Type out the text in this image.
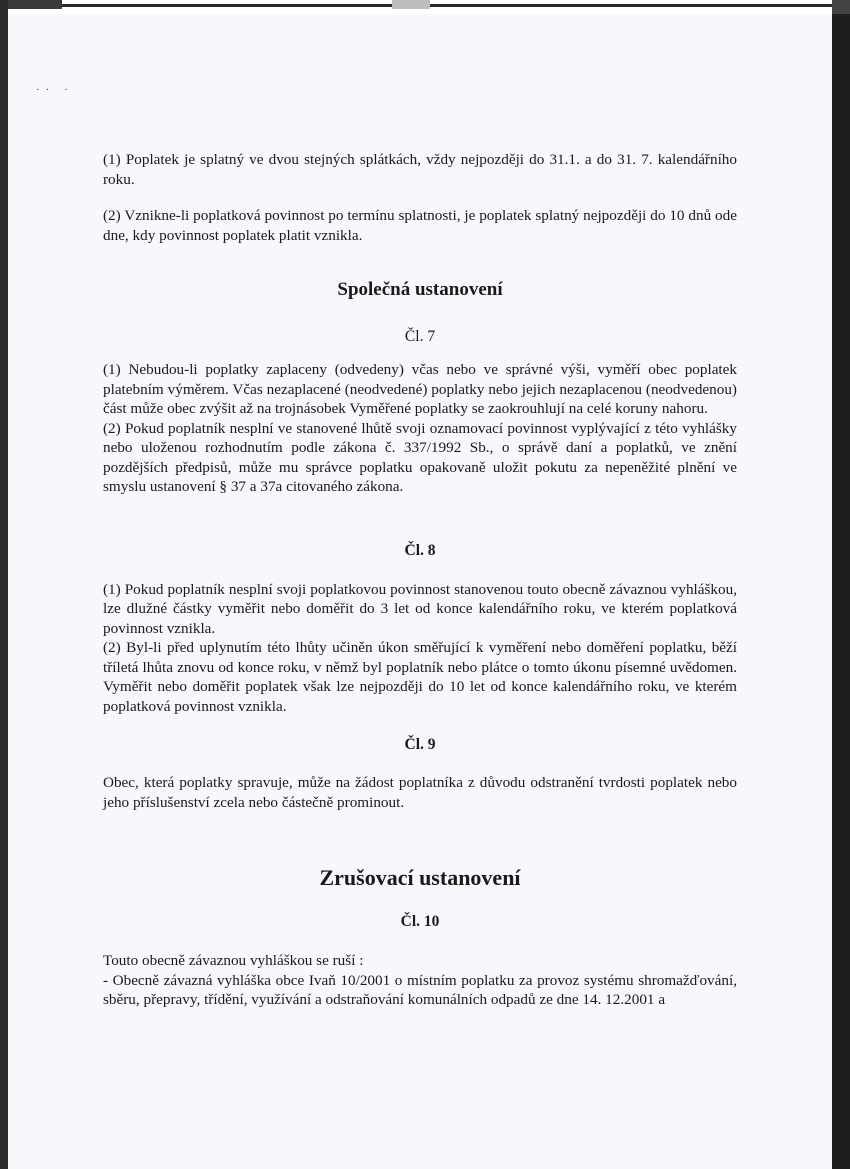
·· ·

(1) Poplatek je splatný ve dvou stejných splátkách, vždy nejpozději do 31.1. a do 31. 7. kalendářního roku.

(2) Vznikne-li poplatková povinnost po termínu splatnosti, je poplatek splatný nejpozději do 10 dnů ode dne, kdy povinnost poplatek platit vznikla.

Společná ustanovení
Čl. 7

(1) Nebudou-li poplatky zaplaceny (odvedeny) včas nebo ve správné výši, vyměří obec poplatek platebním výměrem. Včas nezaplacené (neodvedené) poplatky nebo jejich nezaplacenou (neodvedenou) část může obec zvýšit až na trojnásobek Vyměřené poplatky se zaokrouhlují na celé koruny nahoru.

(2) Pokud poplatník nesplní ve stanovené lhůtě svoji oznamovací povinnost vyplývající z této vyhlášky nebo uloženou rozhodnutím podle zákona č. 337/1992 Sb., o správě daní a poplatků, ve znění pozdějších předpisů, může mu správce poplatku opakovaně uložit pokutu za nepeněžité plnění ve smyslu ustanovení § 37 a 37a citovaného zákona.

Čl. 8

(1) Pokud poplatník nesplní svoji poplatkovou povinnost stanovenou touto obecně závaznou vyhláškou, lze dlužné částky vyměřit nebo doměřit do 3 let od konce kalendářního roku, ve kterém poplatková povinnost vznikla.

(2) Byl-li před uplynutím této lhůty učiněn úkon směřující k vyměření nebo doměření poplatku, běží tříletá lhůta znovu od konce roku, v němž byl poplatník nebo plátce o tomto úkonu písemné uvědomen. Vyměřit nebo doměřit poplatek však lze nejpozději do 10 let od konce kalendářního roku, ve kterém poplatková povinnost vznikla.

Čl. 9

Obec, která poplatky spravuje, může na žádost poplatníka z důvodu odstranění tvrdosti poplatek nebo jeho příslušenství zcela nebo částečně prominout.

Zrušovací ustanovení
Čl. 10

Touto obecně závaznou vyhláškou se ruší :

- Obecně závazná vyhláška obce Ivaň 10/2001 o místním poplatku za provoz systému shromažďování, sběru, přepravy, třídění, využívání a odstraňování komunálních odpadů ze dne 14. 12.2001 a
